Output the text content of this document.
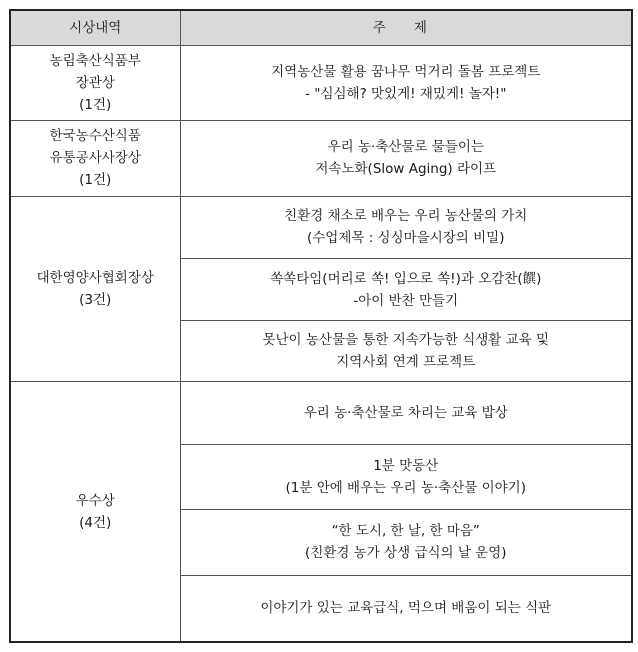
시상내역	주 제

농림축산식품부
장관상
(1건)	지역농산물 활용 꿈나무 먹거리 돌봄 프로젝트
- "심심해? 맛있게! 재밌게! 놀자!"

한국농수산식품
유통공사사장상
(1건)	우리 농·축산물로 물들이는
저속노화(Slow Aging) 라이프

대한영양사협회장상
(3건)	친환경 채소로 배우는 우리 농산물의 가치
(수업제목 : 싱싱마을시장의 비밀)

	쏙쏙타임(머리로 쏙! 입으로 쏙!)과 오감찬(饌)
-아이 반찬 만들기

	못난이 농산물을 통한 지속가능한 식생활 교육 및
지역사회 연계 프로젝트

우수상
(4건)	우리 농·축산물로 차리는 교육 밥상

	1분 맛동산
(1분 안에 배우는 우리 농·축산물 이야기)

	“한 도시, 한 날, 한 마음”
(친환경 농가 상생 급식의 날 운영)

	이야기가 있는 교육급식, 먹으며 배움이 되는 식판
